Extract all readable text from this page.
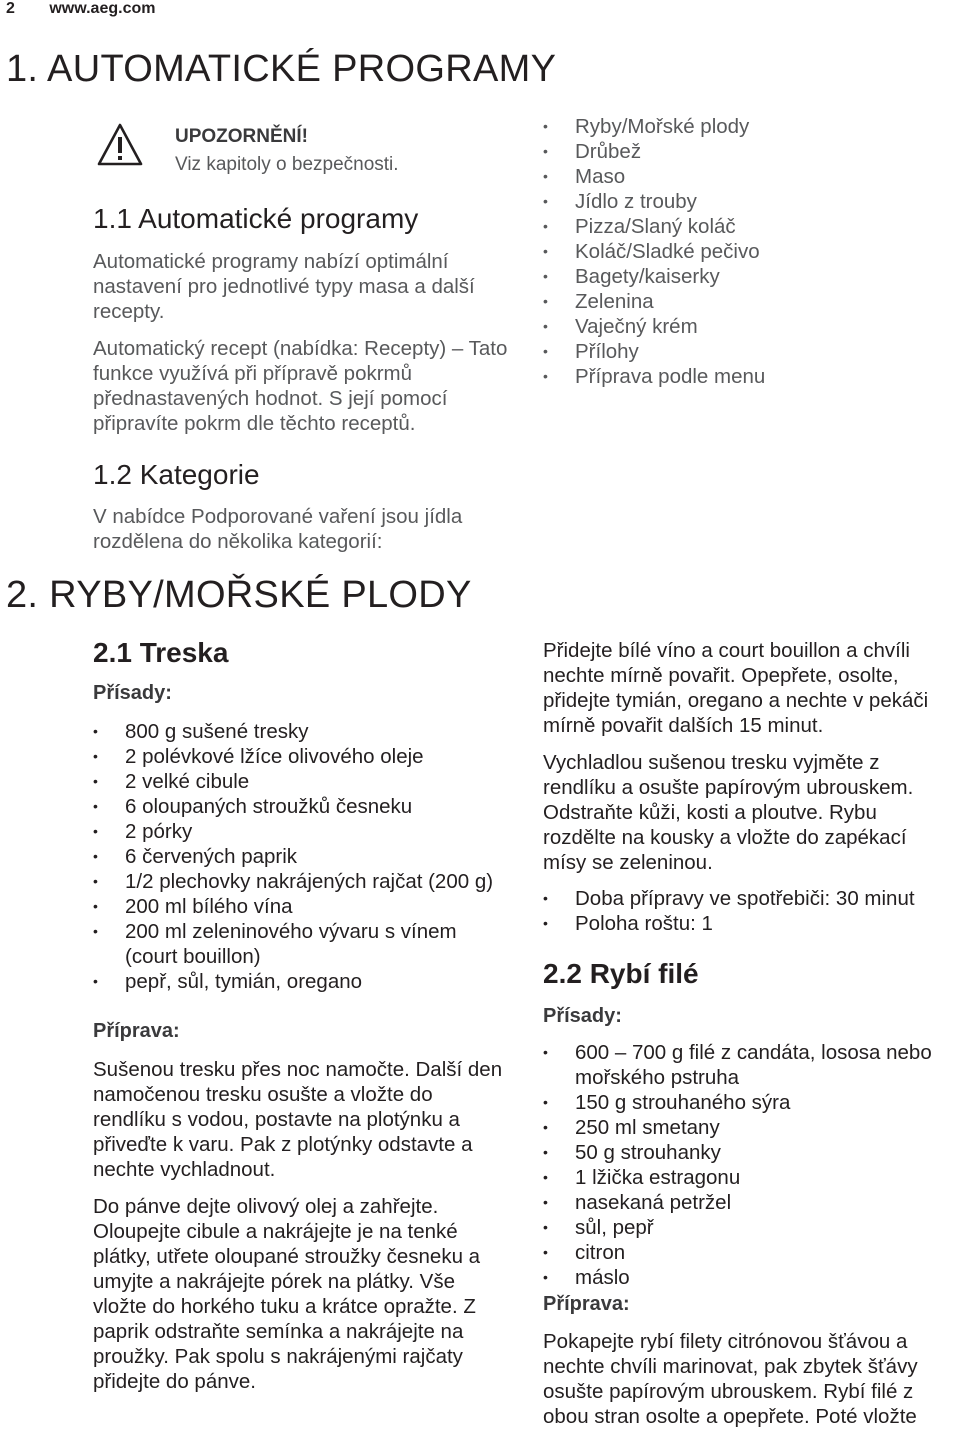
2 www.aeg.com
1. AUTOMATICKÉ PROGRAMY
UPOZORNĚNÍ!
Viz kapitoly o bezpečnosti.
1.1 Automatické programy

Automatické programy nabízí optimální nastavení pro jednotlivé typy masa a další recepty.

Automatický recept (nabídka: Recepty) – Tato funkce využívá při přípravě pokrmů přednastavených hodnot. S její pomocí připravíte pokrm dle těchto receptů.

1.2 Kategorie

V nabídce Podporované vaření jsou jídla rozdělena do několika kategorií:

• Ryby/Mořské plody
• Drůbež
• Maso
• Jídlo z trouby
• Pizza/Slaný koláč
• Koláč/Sladké pečivo
• Bagety/kaiserky
• Zelenina
• Vaječný krém
• Přílohy
• Příprava podle menu
2. RYBY/MOŘSKÉ PLODY
2.1 Treska
Přísady:
• 800 g sušené tresky
• 2 polévkové lžíce olivového oleje
• 2 velké cibule
• 6 oloupaných stroužků česneku
• 2 pórky
• 6 červených paprik
• 1/2 plechovky nakrájených rajčat (200 g)
• 200 ml bílého vína
• 200 ml zeleninového vývaru s vínem (court bouillon)
• pepř, sůl, tymián, oregano
Příprava:

Sušenou tresku přes noc namočte. Další den namočenou tresku osušte a vložte do rendlíku s vodou, postavte na plotýnku a přiveďte k varu. Pak z plotýnky odstavte a nechte vychladnout.

Do pánve dejte olivový olej a zahřejte. Oloupejte cibule a nakrájejte je na tenké plátky, utřete oloupané stroužky česneku a umyjte a nakrájejte pórek na plátky. Vše vložte do horkého tuku a krátce opražte. Z paprik odstraňte semínka a nakrájejte na proužky. Pak spolu s nakrájenými rajčaty přidejte do pánve.

Přidejte bílé víno a court bouillon a chvíli nechte mírně povařit. Opepřete, osolte, přidejte tymián, oregano a nechte v pekáči mírně povařit dalších 15 minut.

Vychladlou sušenou tresku vyjměte z rendlíku a osušte papírovým ubrouskem. Odstraňte kůži, kosti a ploutve. Rybu rozdělte na kousky a vložte do zapékací mísy se zeleninou.

• Doba přípravy ve spotřebiči: 30 minut
• Poloha roštu: 1
2.2 Rybí filé
Přísady:
• 600 – 700 g filé z candáta, lososa nebo mořského pstruha
• 150 g strouhaného sýra
• 250 ml smetany
• 50 g strouhanky
• 1 lžička estragonu
• nasekaná petržel
• sůl, pepř
• citron
• máslo
Příprava:

Pokapejte rybí filety citrónovou šťávou a nechte chvíli marinovat, pak zbytek šťávy osušte papírovým ubrouskem. Rybí filé z obou stran osolte a opepřete. Poté vložte
